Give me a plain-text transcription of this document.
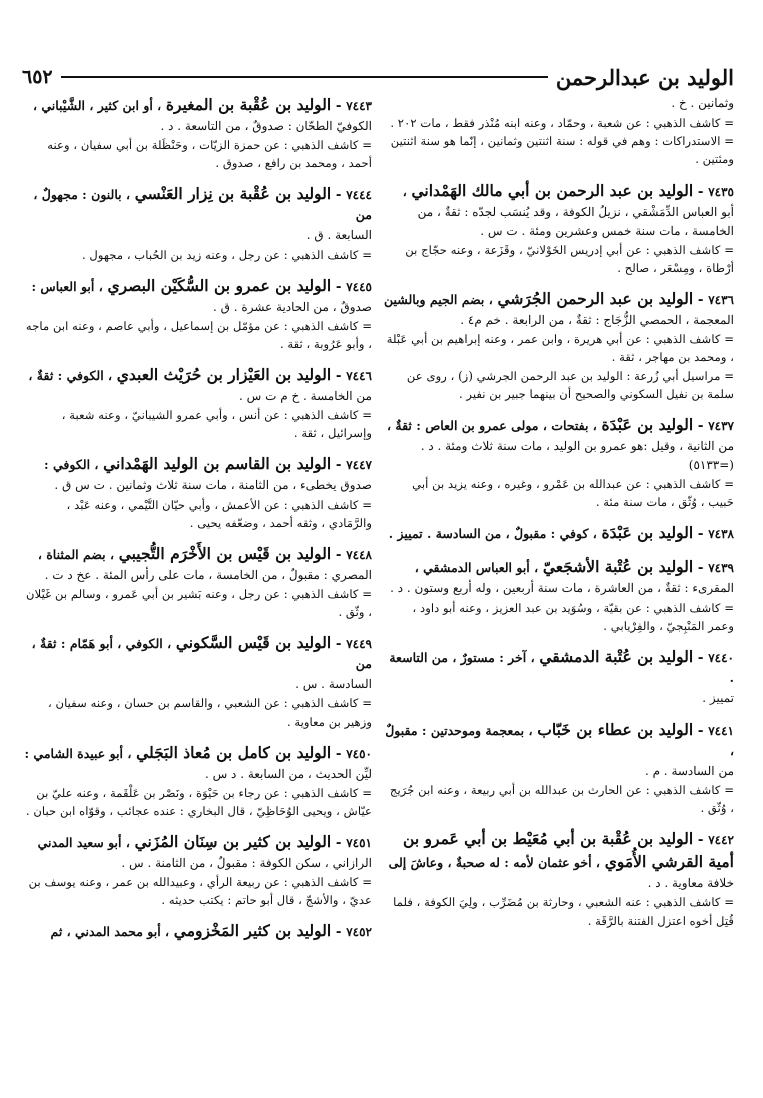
الوليد بن عبدالرحمن
٦٥٢

وثمانين . خ .

= كاشف الذهبي : عن شعبة ، وحمّاد ، وعنه ابنه مُنْذر فقط ، مات ٢٠٢ .

= الاستدراكات : وهم في قوله : سنة اثنتين وثمانين ، إنّما هو سنة اثنتين ومئتين .

٧٤٣٥ - الوليد بن عبد الرحمن بن أبي مالك الهَمْداني ،

أبو العباس الدِّمَشْقي ، نزيلُ الكوفة ، وقد يُنسَب لجدّه : ثقةٌ ، من الخامسة ، مات سنة خمس وعشرين ومئة . ت س .

= كاشف الذهبي : عن أبي إدريس الخَوْلانيّ ، وقَزَعة ، وعنه حجّاج بن أرْطاة ، ومِسْعَر ، صالح .

٧٤٣٦ - الوليد بن عبد الرحمن الجُرَشي ، بضم الجيم وبالشين

المعجمة ، الحمصي الزُّجَاج : ثقةٌ ، من الرابعة . خم م٤ .

= كاشف الذهبي : عن أبي هريرة ، وابن عمر ، وعنه إبراهيم بن أبي عَبْلة ، ومحمد بن مهاجر ، ثقة .

= مراسيل أبي زُرعة : الوليد بن عبد الرحمن الجرشي (ز) ، روى عن سلمة بن نفيل السكوني والصحيح أن بينهما جبير بن نفير .

٧٤٣٧ - الوليد بن عَبْدَة ، بفتحات ، مولى عمرو بن العاص : ثقةٌ ،

من الثانية ، وقيل :هو عمرو بن الوليد ، مات سنة ثلاث ومئة . د . (=٥١٣٣)

= كاشف الذهبي : عن عبدالله بن عَمْرو ، وغيره ، وعنه يزيد بن أبي حَبيب ، وُثّق ، مات سنة مئة .

٧٤٣٨ - الوليد بن عَبْدَة ، كوفي : مقبولٌ ، من السادسة . تمييز .

٧٤٣٩ - الوليد بن عُتْبة الأشجَعيّ ، أبو العباس الدمشقي ،

المقرىء : ثقةٌ ، من العاشرة ، مات سنة أربعين ، وله أربع وستون . د .

= كاشف الذهبي : عن بقيّة ، وسُوَيد بن عبد العزيز ، وعنه أبو داود ، وعمر المَنْبِجيّ ، والفِرْيابي .

٧٤٤٠ - الوليد بن عُتْبة الدمشقي ، آخر : مستورٌ ، من التاسعة .

تمييز .

٧٤٤١ - الوليد بن عطاء بن خَبّاب ، بمعجمة وموحدتين : مقبولٌ ،

من السادسة . م .

= كاشف الذهبي : عن الحارث بن عبدالله بن أبي ربيعة ، وعنه ابن جُرَيج ، وُثّق .

٧٤٤٢ - الوليد بن عُقْبة بن أبي مُعَيْط بن أبي عَمرو بن أمية القرشي الأُمَوي ، أخو عثمان لأمه : له صحبةٌ ، وعاشَ إلى

خلافة معاوية . د .

= كاشف الذهبي : عنه الشعبي ، وحارثة بن مُضَرِّب ، ولِيَ الكوفة ، فلما قُتِل أخوه اعتزل الفتنة بالرَّقَة .

٧٤٤٣ - الوليد بن عُقْبة بن المغيرة ، أو ابن كثير ، الشَّيْباني ،

الكوفيّ الطحّان : صدوقٌ ، من التاسعة . د .

= كاشف الذهبي : عن حمزة الزيّات ، وحَنْظَلة بن أبي سفيان ، وعنه أحمد ، ومحمد بن رافع ، صدوق .

٧٤٤٤ - الوليد بن عُقْبة بن نِزار العَنْسي ، بالنون : مجهولٌ ، من

السابعة . ق .

= كاشف الذهبي : عن رجل ، وعنه زيد بن الحُباب ، مجهول .

٧٤٤٥ - الوليد بن عمرو بن السُّكَيْن البصري ، أبو العباس :

صدوقٌ ، من الحادية عشرة . ق .

= كاشف الذهبي : عن مؤمّل بن إسماعيل ، وأبي عاصم ، وعنه ابن ماجه ، وأبو عَرُوبة ، ثقة .

٧٤٤٦ - الوليد بن العَيْزار بن حُرَيْث العبدي ، الكوفي : ثقةٌ ،

من الخامسة . خ م ت س .

= كاشف الذهبي : عن أنس ، وأبي عمرو الشيبانيّ ، وعنه شعبة ، وإسرائيل ، ثقة .

٧٤٤٧ - الوليد بن القاسم بن الوليد الهَمْداني ، الكوفي :

صدوق يخطىء ، من الثامنة ، مات سنة ثلاث وثمانين . ت س ق .

= كاشف الذهبي : عن الأعمش ، وأبي حيّان التَّيْمي ، وعنه عَبْد ، والرَّمَادي ، وثقه أحمد ، وضعّفه يحيى .

٧٤٤٨ - الوليد بن قَيْس بن الأَخْرَم التُّجيبي ، بضم المثناة ،

المصري : مقبولٌ ، من الخامسة ، مات على رأس المئة . عخ د ت .

= كاشف الذهبي : عن رجل ، وعنه بَشير بن أبي عَمرو ، وسالم بن غَيْلان ، وثّق .

٧٤٤٩ - الوليد بن قَيْس السَّكوني ، الكوفي ، أبو هَمّام : ثقةٌ ، من

السادسة . س .

= كاشف الذهبي : عن الشعبي ، والقاسم بن حسان ، وعنه سفيان ، وزهير بن معاوية .

٧٤٥٠ - الوليد بن كامل بن مُعاذ البَجَلي ، أبو عبيدة الشامي :

ليِّن الحديث ، من السابعة . د س .

= كاشف الذهبي : عن رجاء بن حَيْوَة ، ونَصْر بن عَلْقَمة ، وعنه عليّ بن عيّاش ، ويحيى الوُحَاظِيّ ، قال البخاري : عنده عجائب ، وقوّاه ابن حبان .

٧٤٥١ - الوليد بن كثير بن سِنَان المُزَني ، أبو سعيد المدني

الرازاني ، سكن الكوفة : مقبولٌ ، من الثامنة . س .

= كاشف الذهبي : عن ربيعة الرأي ، وعبيدالله بن عمر ، وعنه يوسف بن عديّ ، والأشجّ ، قال أبو حاتم : يكتب حديثه .

٧٤٥٢ - الوليد بن كثير المَخْزومي ، أبو محمد المدني ، ثم
